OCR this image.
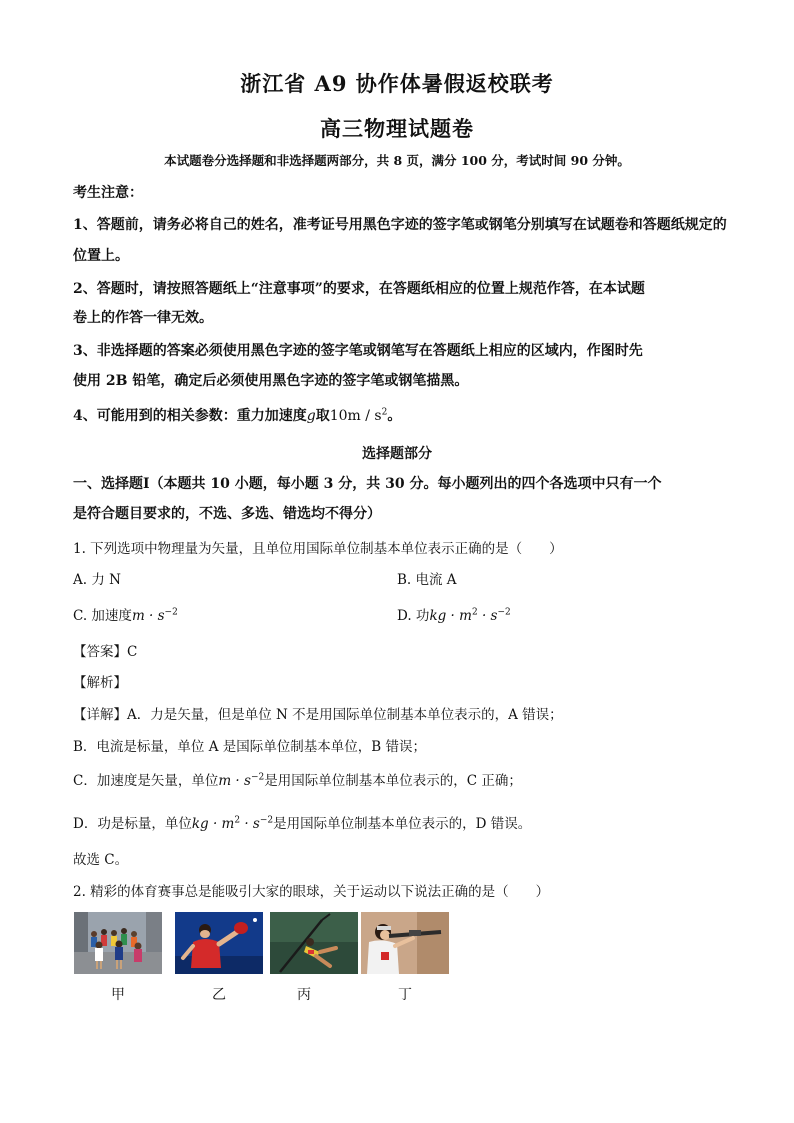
浙江省 A9 协作体暑假返校联考
高三物理试题卷
本试题卷分选择题和非选择题两部分，共 8 页，满分 100 分，考试时间 90 分钟。
考生注意：
1、答题前，请务必将自己的姓名，准考证号用黑色字迹的签字笔或钢笔分别填写在试题卷和答题纸规定的
位置上。
2、答题时，请按照答题纸上“注意事项”的要求，在答题纸相应的位置上规范作答，在本试题
卷上的作答一律无效。
3、非选择题的答案必须使用黑色字迹的签字笔或钢笔写在答题纸上相应的区域内，作图时先
使用 2B 铅笔，确定后必须使用黑色字迹的签字笔或钢笔描黑。
4、可能用到的相关参数：重力加速度g取$10m / s^2$。
选择题部分
一、选择题Ⅰ（本题共 10 小题，每小题 3 分，共 30 分。每小题列出的四个各选项中只有一个
是符合题目要求的，不选、多选、错选均不得分）
1. 下列选项中物理量为矢量，且单位用国际单位制基本单位表示正确的是（　　）
A. 力 N	B. 电流 A
C. 加速度$m \cdot s^{-2}$	D. 功kg · $m^2 \cdot s^{-2}$
【答案】C
【解析】
【详解】A．力是矢量，但是单位 N 不是用国际单位制基本单位表示的，A 错误；
B．电流是标量，单位 A 是国际单位制基本单位，B 错误；
C．加速度是矢量，单位$m \cdot s^{-2}$是用国际单位制基本单位表示的，C 正确；
D．功是标量，单位kg · $m^2 \cdot s^{-2}$是用国际单位制基本单位表示的，D 错误。
故选 C。
2. 精彩的体育赛事总是能吸引大家的眼球，关于运动以下说法正确的是（　　）
甲	乙	丙	丁
